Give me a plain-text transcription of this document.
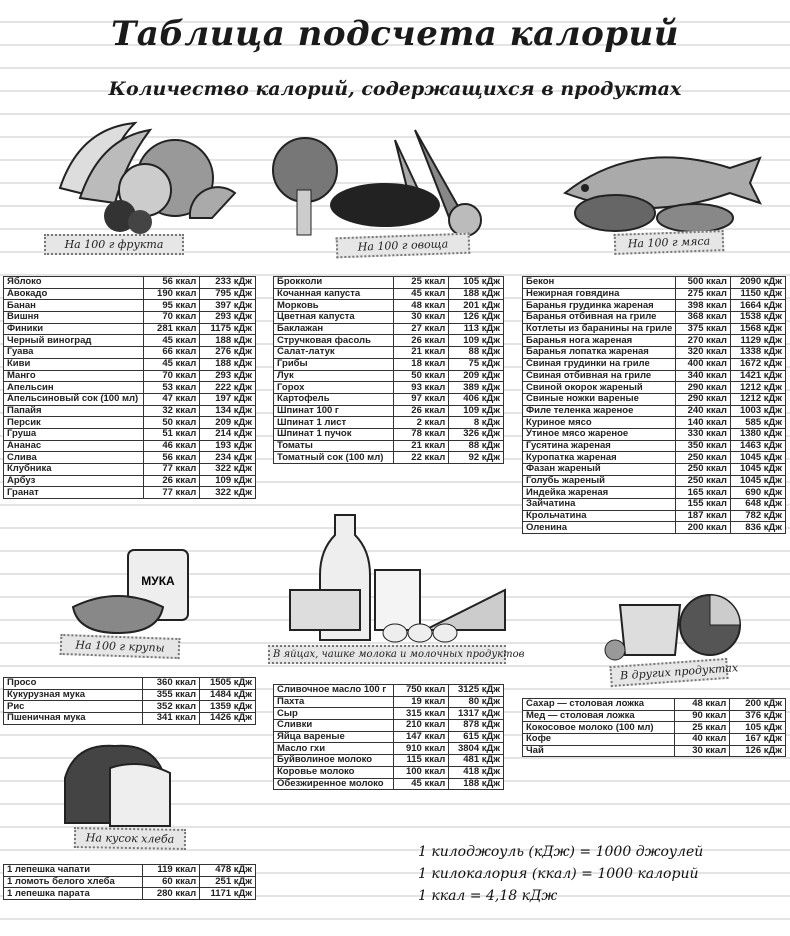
Таблица подсчета калорий
Количество калорий, содержащихся в продуктах
На 100 г фрукта	На 100 г овоща	На 100 г мяса
МУКА
На 100 г крупы	В яйцах, чашке молока и молочных продуктов
В других продуктах
На кусок хлеба
Яблоко	56 ккал	233 кДж
Авокадо	190 ккал	795 кДж
Банан	95 ккал	397 кДж
Вишня	70 ккал	293 кДж
Финики	281 ккал	1175 кДж
Черный виноград	45 ккал	188 кДж
Гуава	66 ккал	276 кДж
Киви	45 ккал	188 кДж
Манго	70 ккал	293 кДж
Апельсин	53 ккал	222 кДж
Апельсиновый сок (100 мл)	47 ккал	197 кДж
Папайя	32 ккал	134 кДж
Персик	50 ккал	209 кДж
Груша	51 ккал	214 кДж
Ананас	46 ккал	193 кДж
Слива	56 ккал	234 кДж
Клубника	77 ккал	322 кДж
Арбуз	26 ккал	109 кДж
Гранат	77 ккал	322 кДж
Брокколи	25 ккал	105 кДж
Кочанная капуста	45 ккал	188 кДж
Морковь	48 ккал	201 кДж
Цветная капуста	30 ккал	126 кДж
Баклажан	27 ккал	113 кДж
Стручковая фасоль	26 ккал	109 кДж
Салат-латук	21 ккал	88 кДж
Грибы	18 ккал	75 кДж
Лук	50 ккал	209 кДж
Горох	93 ккал	389 кДж
Картофель	97 ккал	406 кДж
Шпинат 100 г	26 ккал	109 кДж
Шпинат 1 лист	2 ккал	8 кДж
Шпинат 1 пучок	78 ккал	326 кДж
Томаты	21 ккал	88 кДж
Томатный сок (100 мл)	22 ккал	92 кДж
Бекон	500 ккал	2090 кДж
Нежирная говядина	275 ккал	1150 кДж
Баранья грудинка жареная	398 ккал	1664 кДж
Баранья отбивная на гриле	368 ккал	1538 кДж
Котлеты из баранины на гриле	375 ккал	1568 кДж
Баранья нога жареная	270 ккал	1129 кДж
Баранья лопатка жареная	320 ккал	1338 кДж
Свиная грудинки на гриле	400 ккал	1672 кДж
Свиная отбивная на гриле	340 ккал	1421 кДж
Свиной окорок жареный	290 ккал	1212 кДж
Свиные ножки вареные	290 ккал	1212 кДж
Филе теленка жареное	240 ккал	1003 кДж
Куриное мясо	140 ккал	585 кДж
Утиное мясо жареное	330 ккал	1380 кДж
Гусятина жареная	350 ккал	1463 кДж
Куропатка жареная	250 ккал	1045 кДж
Фазан жареный	250 ккал	1045 кДж
Голубь жареный	250 ккал	1045 кДж
Индейка жареная	165 ккал	690 кДж
Зайчатина	155 ккал	648 кДж
Крольчатина	187 ккал	782 кДж
Оленина	200 ккал	836 кДж
Просо	360 ккал	1505 кДж
Кукурузная мука	355 ккал	1484 кДж
Рис	352 ккал	1359 кДж
Пшеничная мука	341 ккал	1426 кДж
Сливочное масло 100 г	750 ккал	3125 кДж
Пахта	19 ккал	80 кДж
Сыр	315 ккал	1317 кДж
Сливки	210 ккал	878 кДж
Яйца вареные	147 ккал	615 кДж
Масло гхи	910 ккал	3804 кДж
Буйволиное молоко	115 ккал	481 кДж
Коровье молоко	100 ккал	418 кДж
Обезжиренное молоко	45 ккал	188 кДж
Сахар — столовая ложка	48 ккал	200 кДж
Мед — столовая ложка	90 ккал	376 кДж
Кокосовое молоко (100 мл)	25 ккал	105 кДж
Кофе	40 ккал	167 кДж
Чай	30 ккал	126 кДж
1 лепешка чапати	119 ккал	478 кДж
1 ломоть белого хлеба	60 ккал	251 кДж
1 лепешка парата	280 ккал	1171 кДж
1 килоджоуль (кДж) = 1000 джоулей
1 килокалория (ккал) = 1000 калорий
1 ккал = 4,18 кДж
